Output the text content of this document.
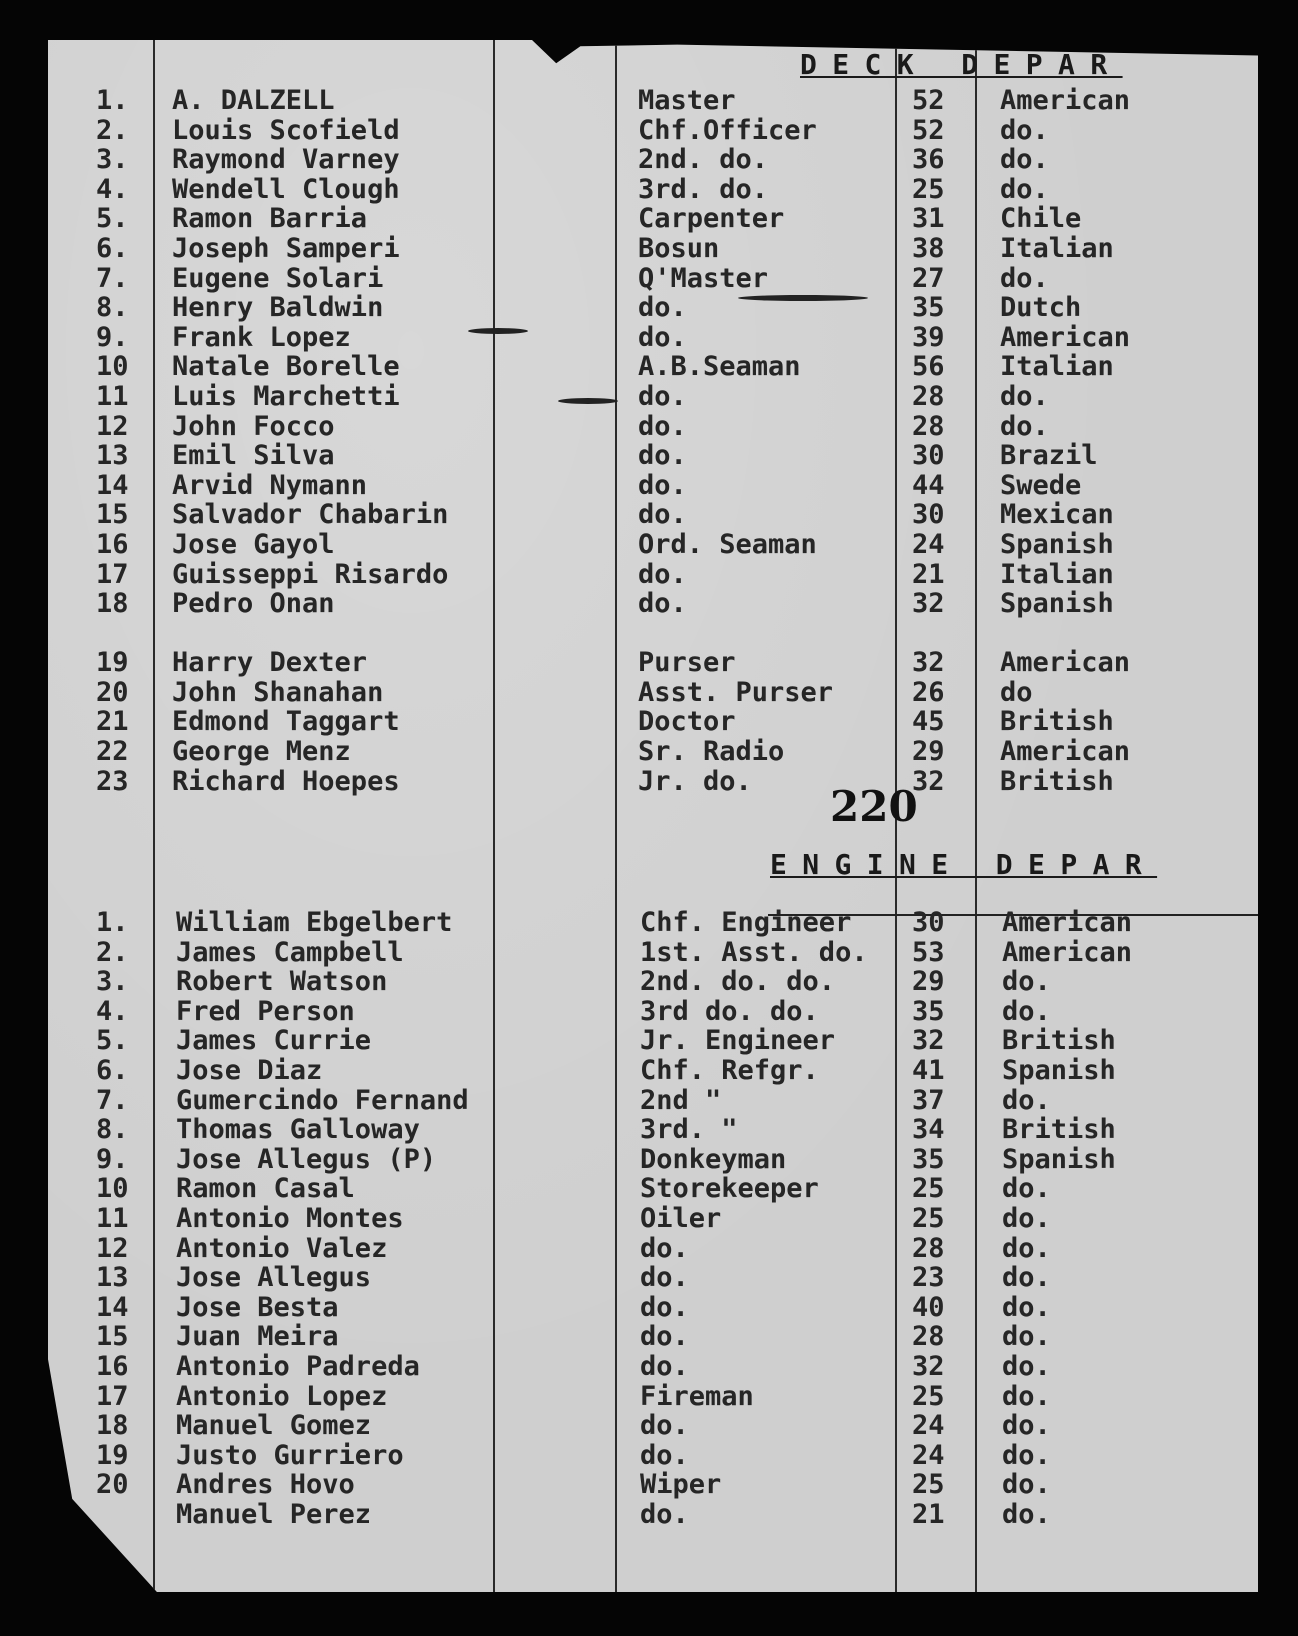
DECK DEPAR
1.
2.
3.
4.
5.
6.
7.
8.
9.
10
11
12
13
14
15
16
17
18
19
20
21
22
23
A. DALZELL
Louis Scofield
Raymond Varney
Wendell Clough
Ramon Barria
Joseph Samperi
Eugene Solari
Henry Baldwin
Frank Lopez
Natale Borelle
Luis Marchetti
John Focco
Emil Silva
Arvid Nymann
Salvador Chabarin
Jose Gayol
Guisseppi Risardo
Pedro Onan
Harry Dexter
John Shanahan
Edmond Taggart
George Menz
Richard Hoepes
Master
Chf.Officer
2nd. do.
3rd. do.
Carpenter
Bosun
Q'Master
do.
do.
A.B.Seaman
do.
do.
do.
do.
do.
Ord. Seaman
do.
do.
Purser
Asst. Purser
Doctor
Sr. Radio
Jr. do.
52
52
36
25
31
38
27
35
39
56
28
28
30
44
30
24
21
32
32
26
45
29
32
American
do.
do.
do.
Chile
Italian
do.
Dutch
American
Italian
do.
do.
Brazil
Swede
Mexican
Spanish
Italian
Spanish
American
do
British
American
British
220
ENGINE DEPAR
1.
2.
3.
4.
5.
6.
7.
8.
9.
10
11
12
13
14
15
16
17
18
19
20
William Ebgelbert
James Campbell
Robert Watson
Fred Person
James Currie
Jose Diaz
Gumercindo Fernand
Thomas Galloway
Jose Allegus (P)
Ramon Casal
Antonio Montes
Antonio Valez
Jose Allegus
Jose Besta
Juan Meira
Antonio Padreda
Antonio Lopez
Manuel Gomez
Justo Gurriero
Andres Hovo
Manuel Perez
Chf. Engineer
1st. Asst. do.
2nd. do. do.
3rd do. do.
Jr. Engineer
Chf. Refgr.
2nd "
3rd. "
Donkeyman
Storekeeper
Oiler
do.
do.
do.
do.
do.
Fireman
do.
do.
Wiper
do.
30
53
29
35
32
41
37
34
35
25
25
28
23
40
28
32
25
24
24
25
21
American
American
do.
do.
British
Spanish
do.
British
Spanish
do.
do.
do.
do.
do.
do.
do.
do.
do.
do.
do.
do.
